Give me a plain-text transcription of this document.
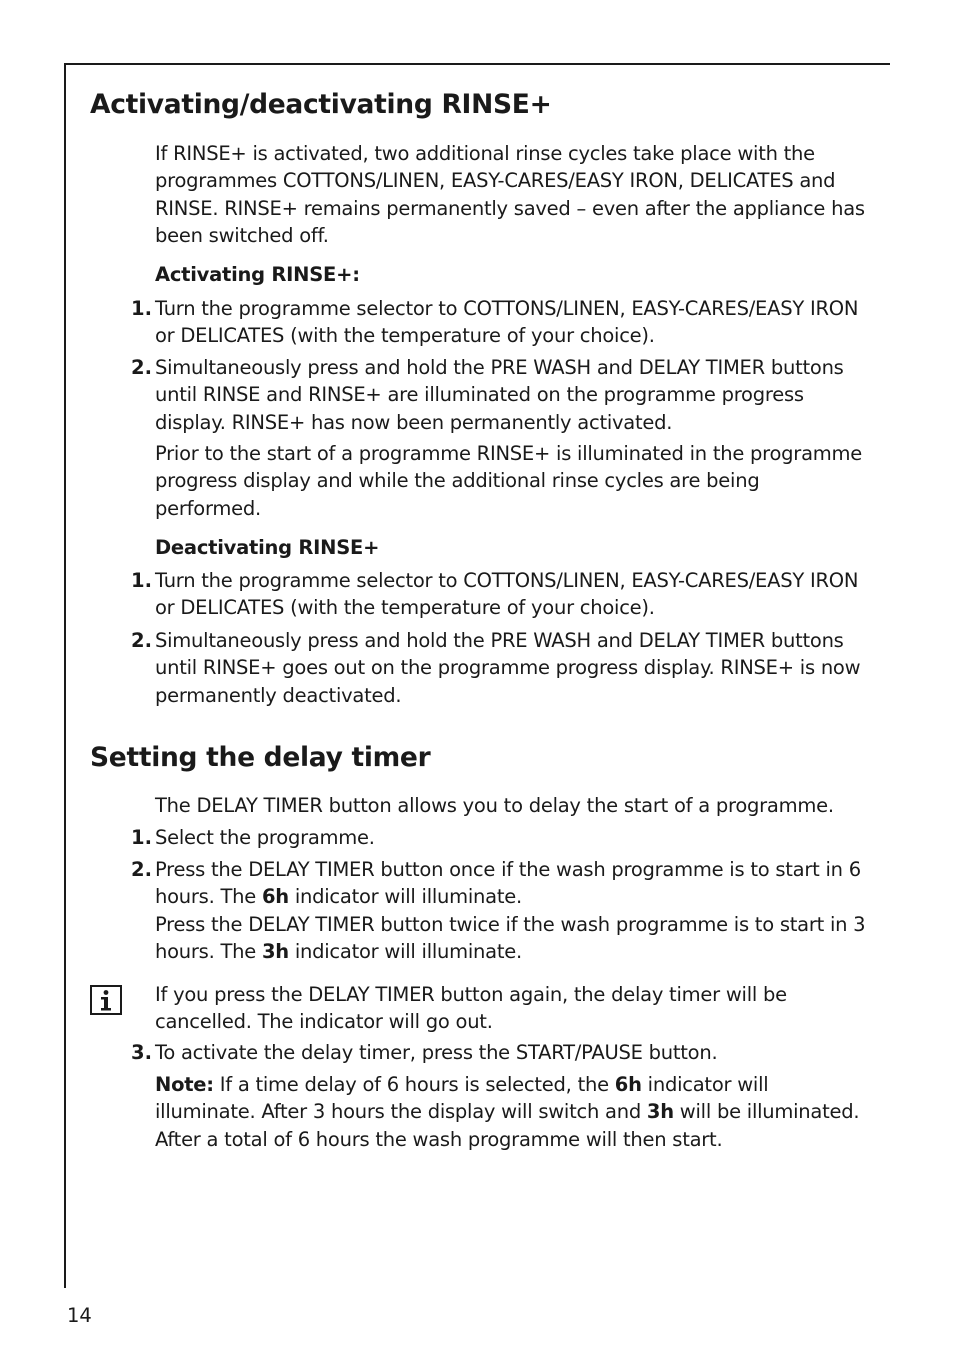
Activating/deactivating RINSE+

If RINSE+ is activated, two additional rinse cycles take place with the programmes COTTONS/LINEN, EASY-CARES/EASY IRON, DELICATES and RINSE. RINSE+ remains permanently saved – even after the appliance has been switched off.

Activating RINSE+:

1. Turn the programme selector to COTTONS/LINEN, EASY-CARES/EASY IRON or DELICATES (with the temperature of your choice).

2. Simultaneously press and hold the PRE WASH and DELAY TIMER buttons until RINSE and RINSE+ are illuminated on the programme progress display. RINSE+ has now been permanently activated.

Prior to the start of a programme RINSE+ is illuminated in the programme progress display and while the additional rinse cycles are being performed.

Deactivating RINSE+

1. Turn the programme selector to COTTONS/LINEN, EASY-CARES/EASY IRON or DELICATES (with the temperature of your choice).

2. Simultaneously press and hold the PRE WASH and DELAY TIMER buttons until RINSE+ goes out on the programme progress display. RINSE+ is now permanently deactivated.

Setting the delay timer

The DELAY TIMER button allows you to delay the start of a programme.

1. Select the programme.

2. Press the DELAY TIMER button once if the wash programme is to start in 6 hours. The 6h indicator will illuminate.

Press the DELAY TIMER button twice if the wash programme is to start in 3 hours. The 3h indicator will illuminate.

If you press the DELAY TIMER button again, the delay timer will be cancelled. The indicator will go out.

3. To activate the delay timer, press the START/PAUSE button.

Note: If a time delay of 6 hours is selected, the 6h indicator will illuminate. After 3 hours the display will switch and 3h will be illuminated. After a total of 6 hours the wash programme will then start.

14
